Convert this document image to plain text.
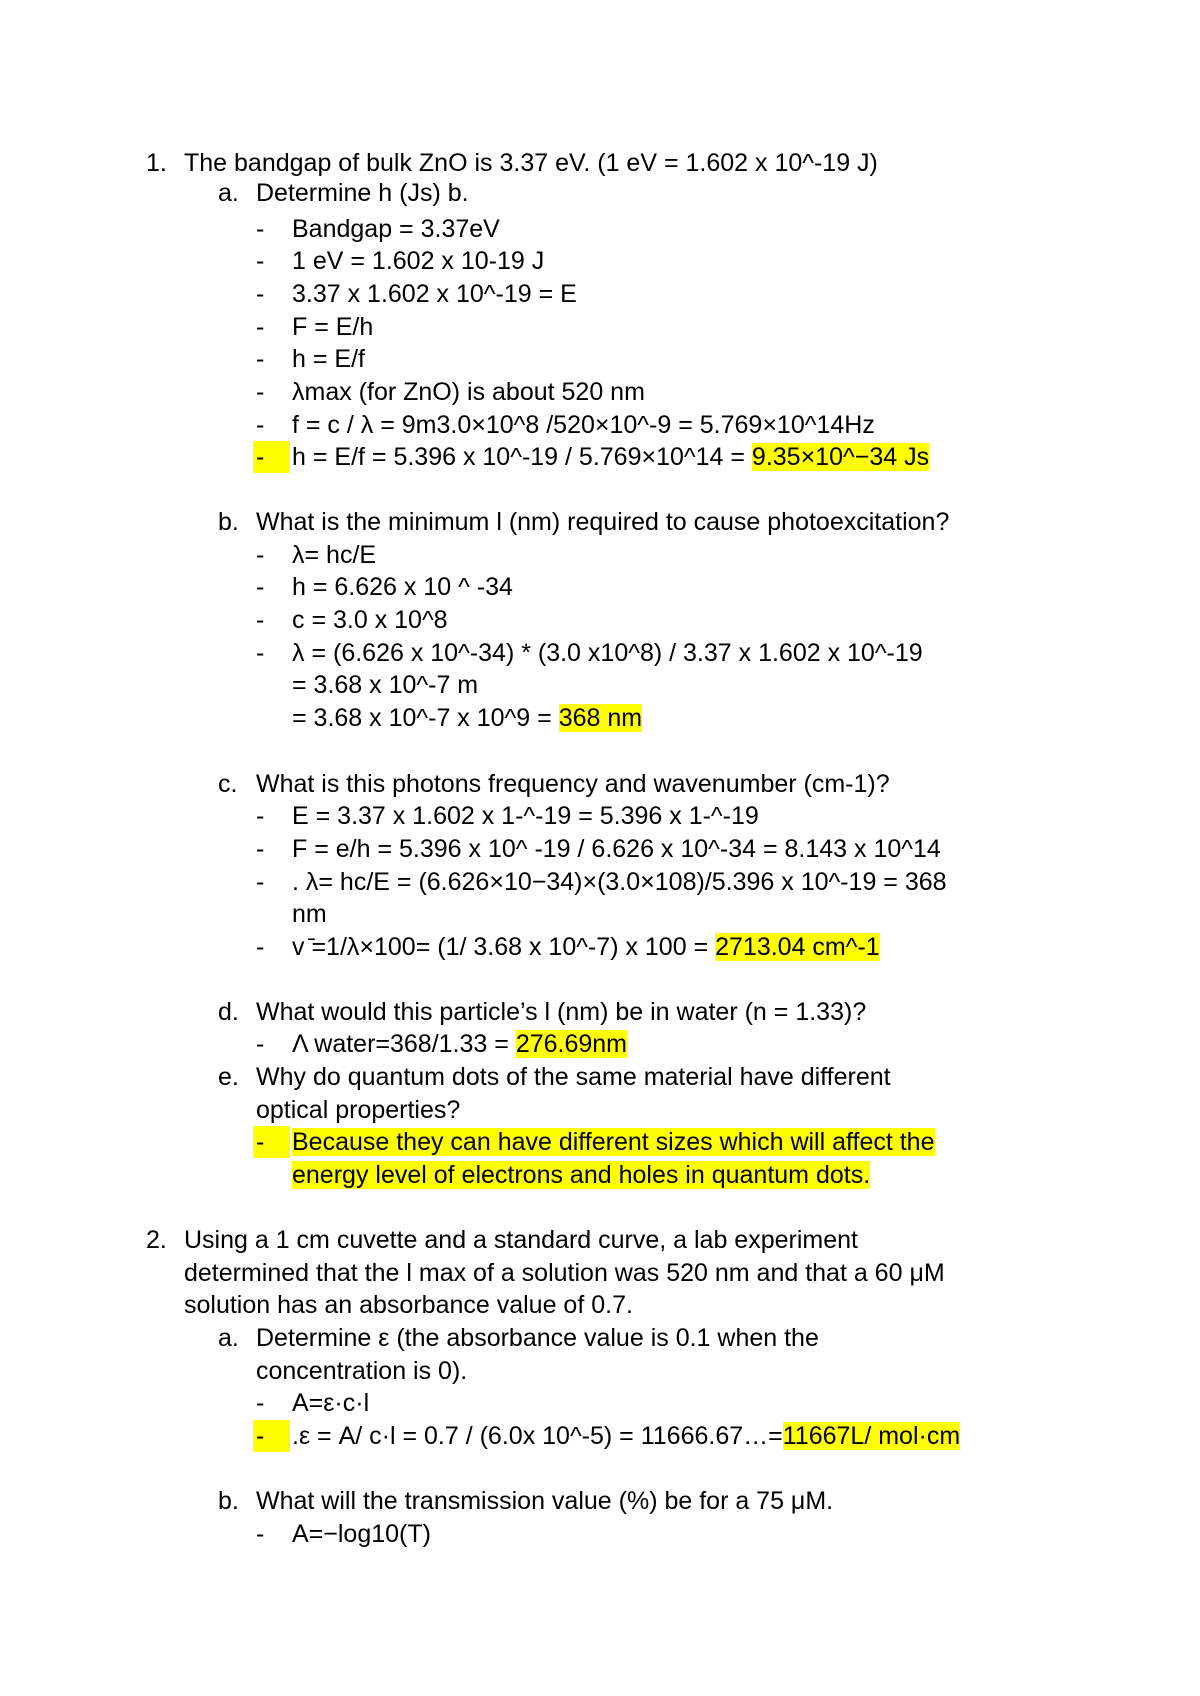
1. The bandgap of bulk ZnO is 3.37 eV. (1 eV = 1.602 x 10^-19 J)
a. Determine h (Js) b.
- Bandgap = 3.37eV
- 1 eV = 1.602 x 10-19 J
- 3.37 x 1.602 x 10^-19 = E
- F = E/h
- h = E/f
- λmax (for ZnO) is about 520 nm
- f = c / λ = 9m3.0×10^8 /520×10^-9 = 5.769×10^14Hz
-	h = E/f = 5.396 x 10^-19 / 5.769×10^14 = 9.35×10^−34 Js
b. What is the minimum l (nm) required to cause photoexcitation?
- λ= hc/E
- h = 6.626 x 10 ^ -34
- c = 3.0 x 10^8
- λ = (6.626 x 10^-34) * (3.0 x10^8) / 3.37 x 1.602 x 10^-19
= 3.68 x 10^-7 m
= 3.68 x 10^-7 x 10^9 = 368 nm
c. What is this photons frequency and wavenumber (cm-1)?
- E = 3.37 x 1.602 x 1-^-19 = 5.396 x 1-^-19
- F = e/h = 5.396 x 10^ -19 / 6.626 x 10^-34 = 8.143 x 10^14
- . λ= hc/E = (6.626×10−34)×(3.0×108)/5.396 x 10^-19 = 368
nm
- v ̄=1/λ×100= (1/ 3.68 x 10^-7) x 100 = 2713.04 cm^-1
d. What would this particle’s l (nm) be in water (n = 1.33)?
- Λ water=368/1.33 = 276.69nm
e. Why do quantum dots of the same material have different
optical properties?
-	Because they can have different sizes which will affect the
energy level of electrons and holes in quantum dots.
2. Using a 1 cm cuvette and a standard curve, a lab experiment
determined that the l max of a solution was 520 nm and that a 60 μM
solution has an absorbance value of 0.7.
a. Determine ε (the absorbance value is 0.1 when the
concentration is 0).
- A=ε·c·l
-	.ε = A/ c·l = 0.7 / (6.0x 10^-5) = 11666.67…=11667L/ mol·cm
b. What will the transmission value (%) be for a 75 μM.
- A=−log10(T)
